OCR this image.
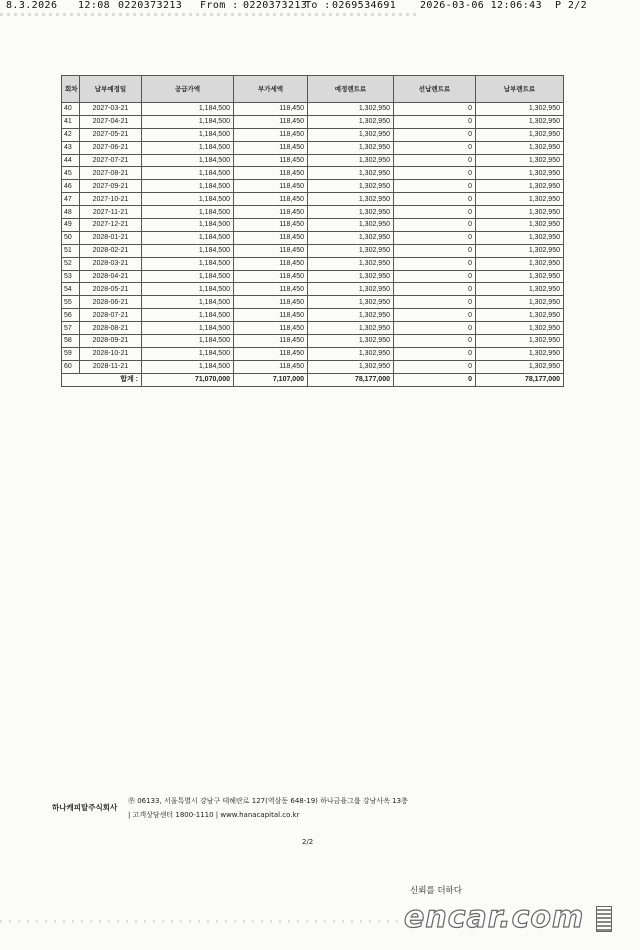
8.3.2026

12:08

0220373213

From :

0220373213

To :

0269534691

2026-03-06 12:06:43

P 2/2

회차	납부예정일	공급가액	부가세액	예정렌트료	선납렌트료	납부렌트료
40	2027-03-21	1,184,500	118,450	1,302,950	0	1,302,950
41	2027-04-21	1,184,500	118,450	1,302,950	0	1,302,950
42	2027-05-21	1,184,500	118,450	1,302,950	0	1,302,950
43	2027-06-21	1,184,500	118,450	1,302,950	0	1,302,950
44	2027-07-21	1,184,500	118,450	1,302,950	0	1,302,950
45	2027-08-21	1,184,500	118,450	1,302,950	0	1,302,950
46	2027-09-21	1,184,500	118,450	1,302,950	0	1,302,950
47	2027-10-21	1,184,500	118,450	1,302,950	0	1,302,950
48	2027-11-21	1,184,500	118,450	1,302,950	0	1,302,950
49	2027-12-21	1,184,500	118,450	1,302,950	0	1,302,950
50	2028-01-21	1,184,500	118,450	1,302,950	0	1,302,950
51	2028-02-21	1,184,500	118,450	1,302,950	0	1,302,950
52	2028-03-21	1,184,500	118,450	1,302,950	0	1,302,950
53	2028-04-21	1,184,500	118,450	1,302,950	0	1,302,950
54	2028-05-21	1,184,500	118,450	1,302,950	0	1,302,950
55	2028-06-21	1,184,500	118,450	1,302,950	0	1,302,950
56	2028-07-21	1,184,500	118,450	1,302,950	0	1,302,950
57	2028-08-21	1,184,500	118,450	1,302,950	0	1,302,950
58	2028-09-21	1,184,500	118,450	1,302,950	0	1,302,950
59	2028-10-21	1,184,500	118,450	1,302,950	0	1,302,950
60	2028-11-21	1,184,500	118,450	1,302,950	0	1,302,950
합계 :		71,070,000	7,107,000	78,177,000	0	78,177,000
하나캐피탈주식회사
㉾ 06133, 서울특별시 강남구 테헤란로 127(역삼동 648-19) 하나금융그룹 강남사옥 13층
| 고객상담센터 1800-1110 | www.hanacapital.co.kr
2/2
신뢰를 더하다
encar.com
